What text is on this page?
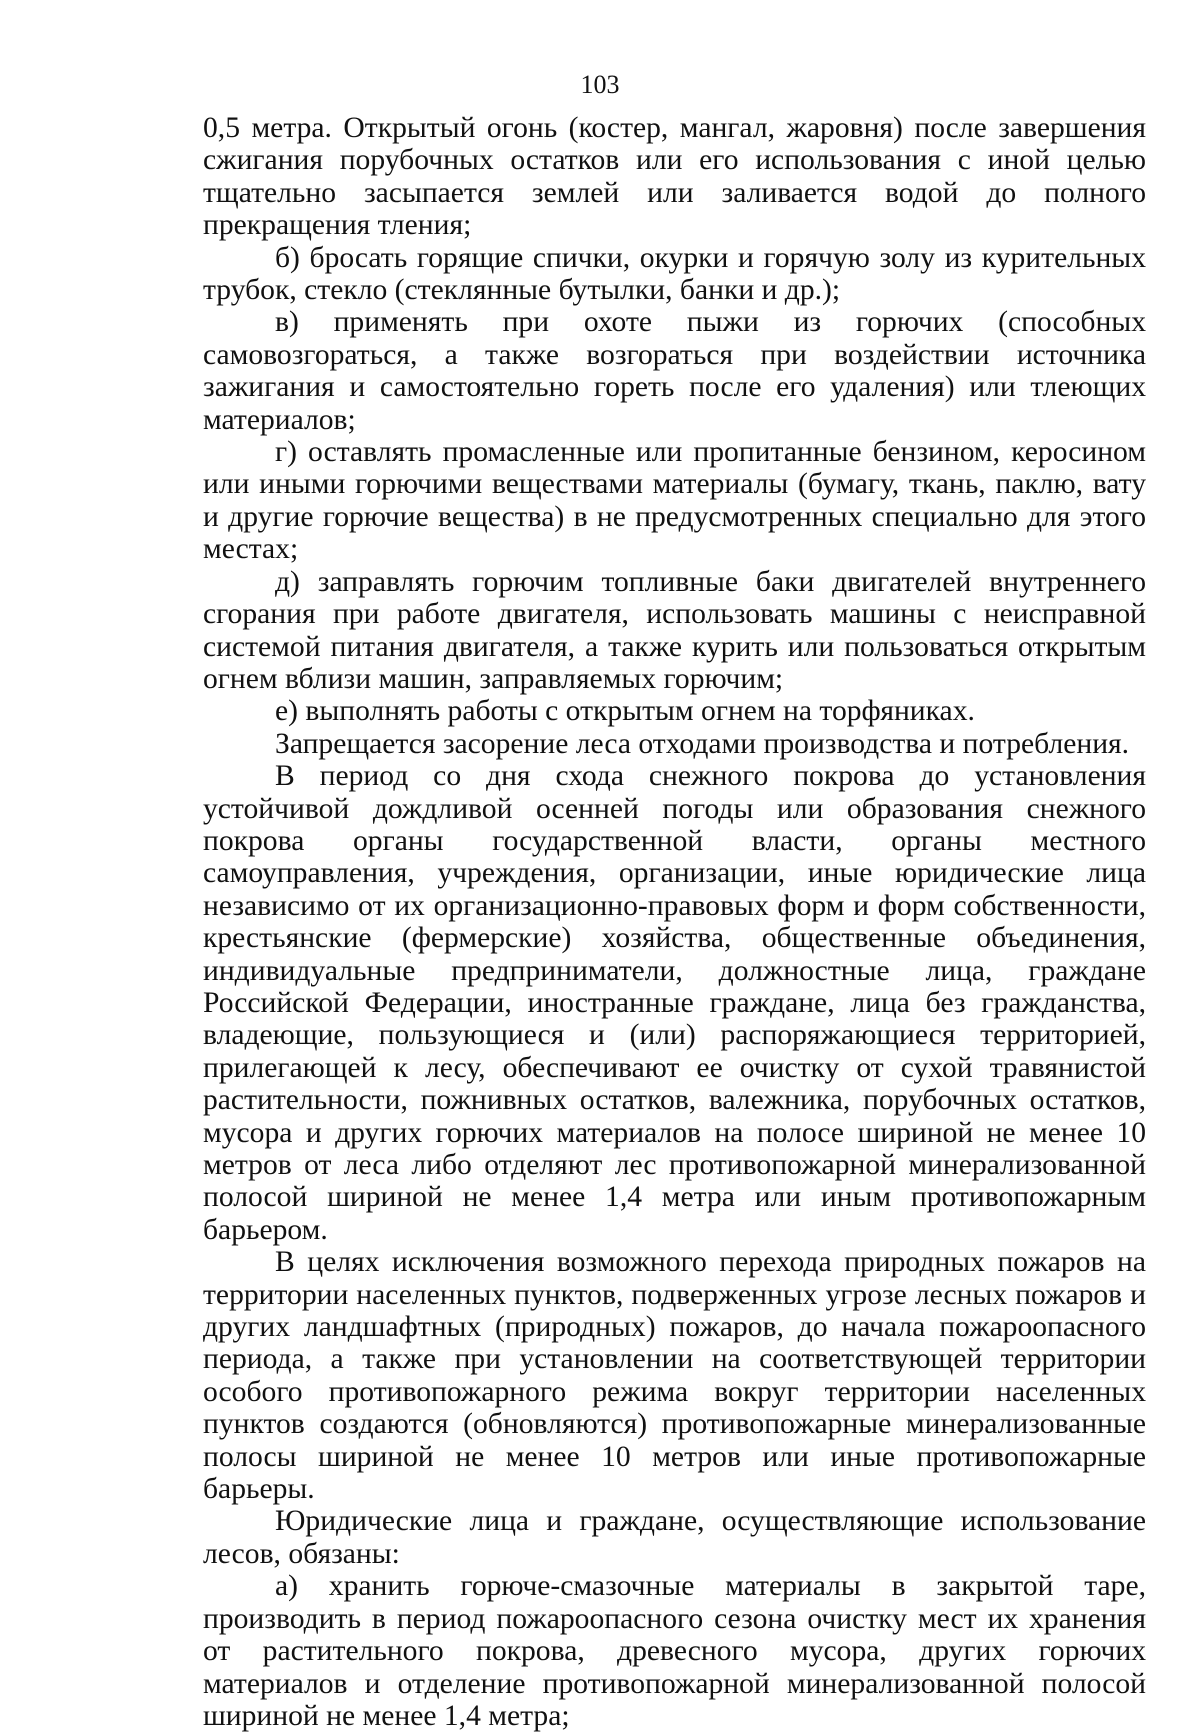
103

0,5 метра. Открытый огонь (костер, мангал, жаровня) после завершения сжигания порубочных остатков или его использования с иной целью тщательно засыпается землей или заливается водой до полного прекращения тления;

б) бросать горящие спички, окурки и горячую золу из курительных трубок, стекло (стеклянные бутылки, банки и др.);

в) применять при охоте пыжи из горючих (способных самовозгораться, а также возгораться при воздействии источника зажигания и самостоятельно гореть после его удаления) или тлеющих материалов;

г) оставлять промасленные или пропитанные бензином, керосином или иными горючими веществами материалы (бумагу, ткань, паклю, вату и другие горючие вещества) в не предусмотренных специально для этого местах;

д) заправлять горючим топливные баки двигателей внутреннего сгорания при работе двигателя, использовать машины с неисправной системой питания двигателя, а также курить или пользоваться открытым огнем вблизи машин, заправляемых горючим;

е) выполнять работы с открытым огнем на торфяниках.

Запрещается засорение леса отходами производства и потребления.

В период со дня схода снежного покрова до установления устойчивой дождливой осенней погоды или образования снежного покрова органы государственной власти, органы местного самоуправления, учреждения, организации, иные юридические лица независимо от их организационно-правовых форм и форм собственности, крестьянские (фермерские) хозяйства, общественные объединения, индивидуальные предприниматели, должностные лица, граждане Российской Федерации, иностранные граждане, лица без гражданства, владеющие, пользующиеся и (или) распоряжающиеся территорией, прилегающей к лесу, обеспечивают ее очистку от сухой травянистой растительности, пожнивных остатков, валежника, порубочных остатков, мусора и других горючих материалов на полосе шириной не менее 10 метров от леса либо отделяют лес противопожарной минерализованной полосой шириной не менее 1,4 метра или иным противопожарным барьером.

В целях исключения возможного перехода природных пожаров на территории населенных пунктов, подверженных угрозе лесных пожаров и других ландшафтных (природных) пожаров, до начала пожароопасного периода, а также при установлении на соответствующей территории особого противопожарного режима вокруг территории населенных пунктов создаются (обновляются) противопожарные минерализованные полосы шириной не менее 10 метров или иные противопожарные барьеры.

Юридические лица и граждане, осуществляющие использование лесов, обязаны:

а) хранить горюче-смазочные материалы в закрытой таре, производить в период пожароопасного сезона очистку мест их хранения от растительного покрова, древесного мусора, других горючих материалов и отделение противопожарной минерализованной полосой шириной не менее 1,4 метра;
